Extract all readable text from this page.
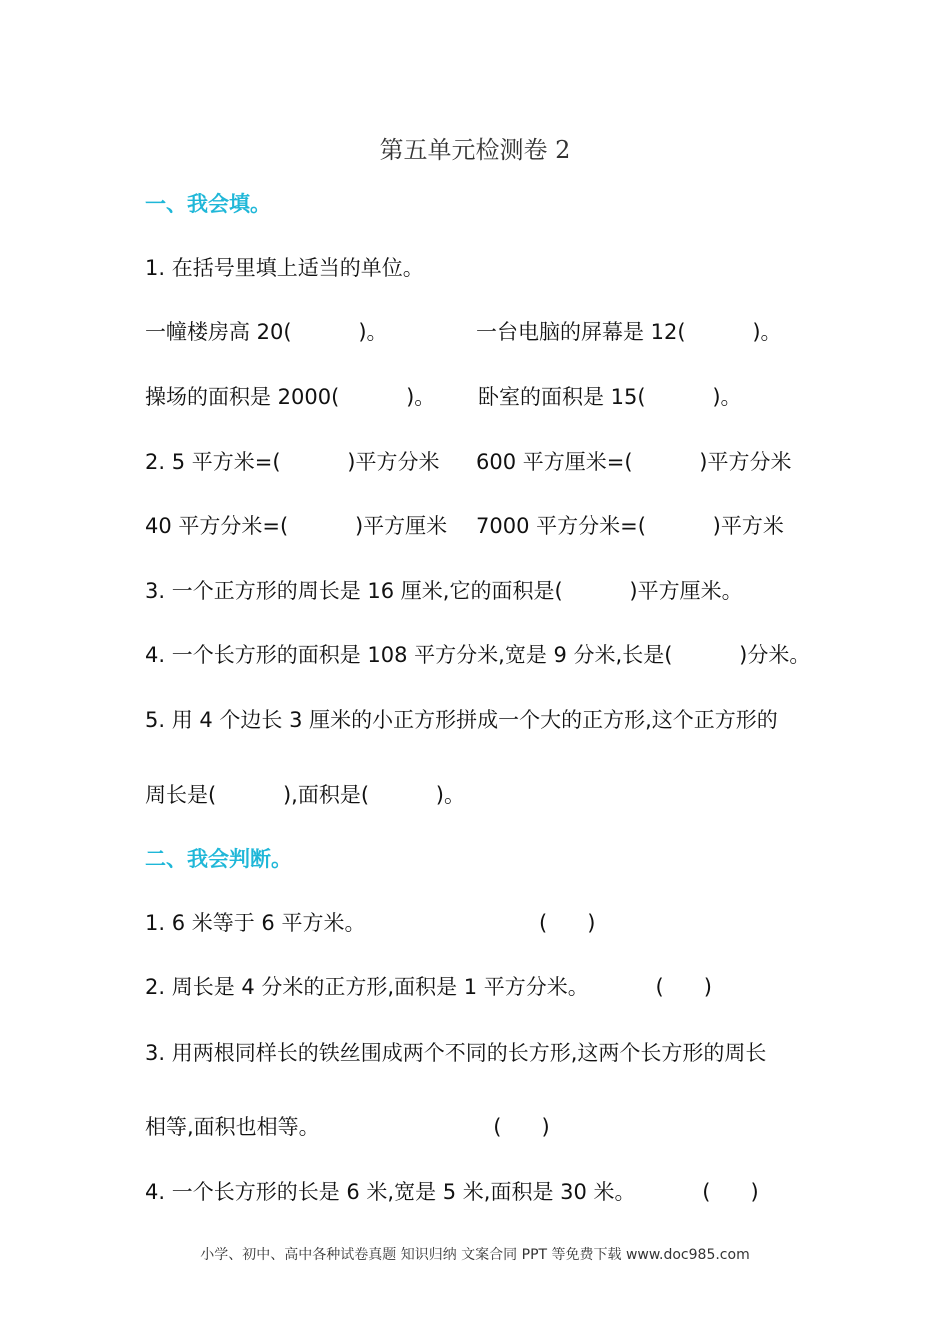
第五单元检测卷 2
一、我会填。
1. 在括号里填上适当的单位。
一幢楼房高 20(          )。	一台电脑的屏幕是 12(          )。
操场的面积是 2000(          )。 卧室的面积是 15(          )。
2. 5 平方米=(          )平方分米 600 平方厘米=(          )平方分米
40 平方分米=(          )平方厘米 7000 平方分米=(          )平方米
3. 一个正方形的周长是 16 厘米,它的面积是(          )平方厘米。
4. 一个长方形的面积是 108 平方分米,宽是 9 分米,长是(          )分米。
5. 用 4 个边长 3 厘米的小正方形拼成一个大的正方形,这个正方形的
周长是(          ),面积是(          )。
二、我会判断。
1. 6 米等于 6 平方米。                          (      )
2. 周长是 4 分米的正方形,面积是 1 平方分米。          (      )
3. 用两根同样长的铁丝围成两个不同的长方形,这两个长方形的周长
相等,面积也相等。                          (      )
4. 一个长方形的长是 6 米,宽是 5 米,面积是 30 米。          (      )
小学、初中、高中各种试卷真题 知识归纳 文案合同 PPT 等免费下载 www.doc985.com
